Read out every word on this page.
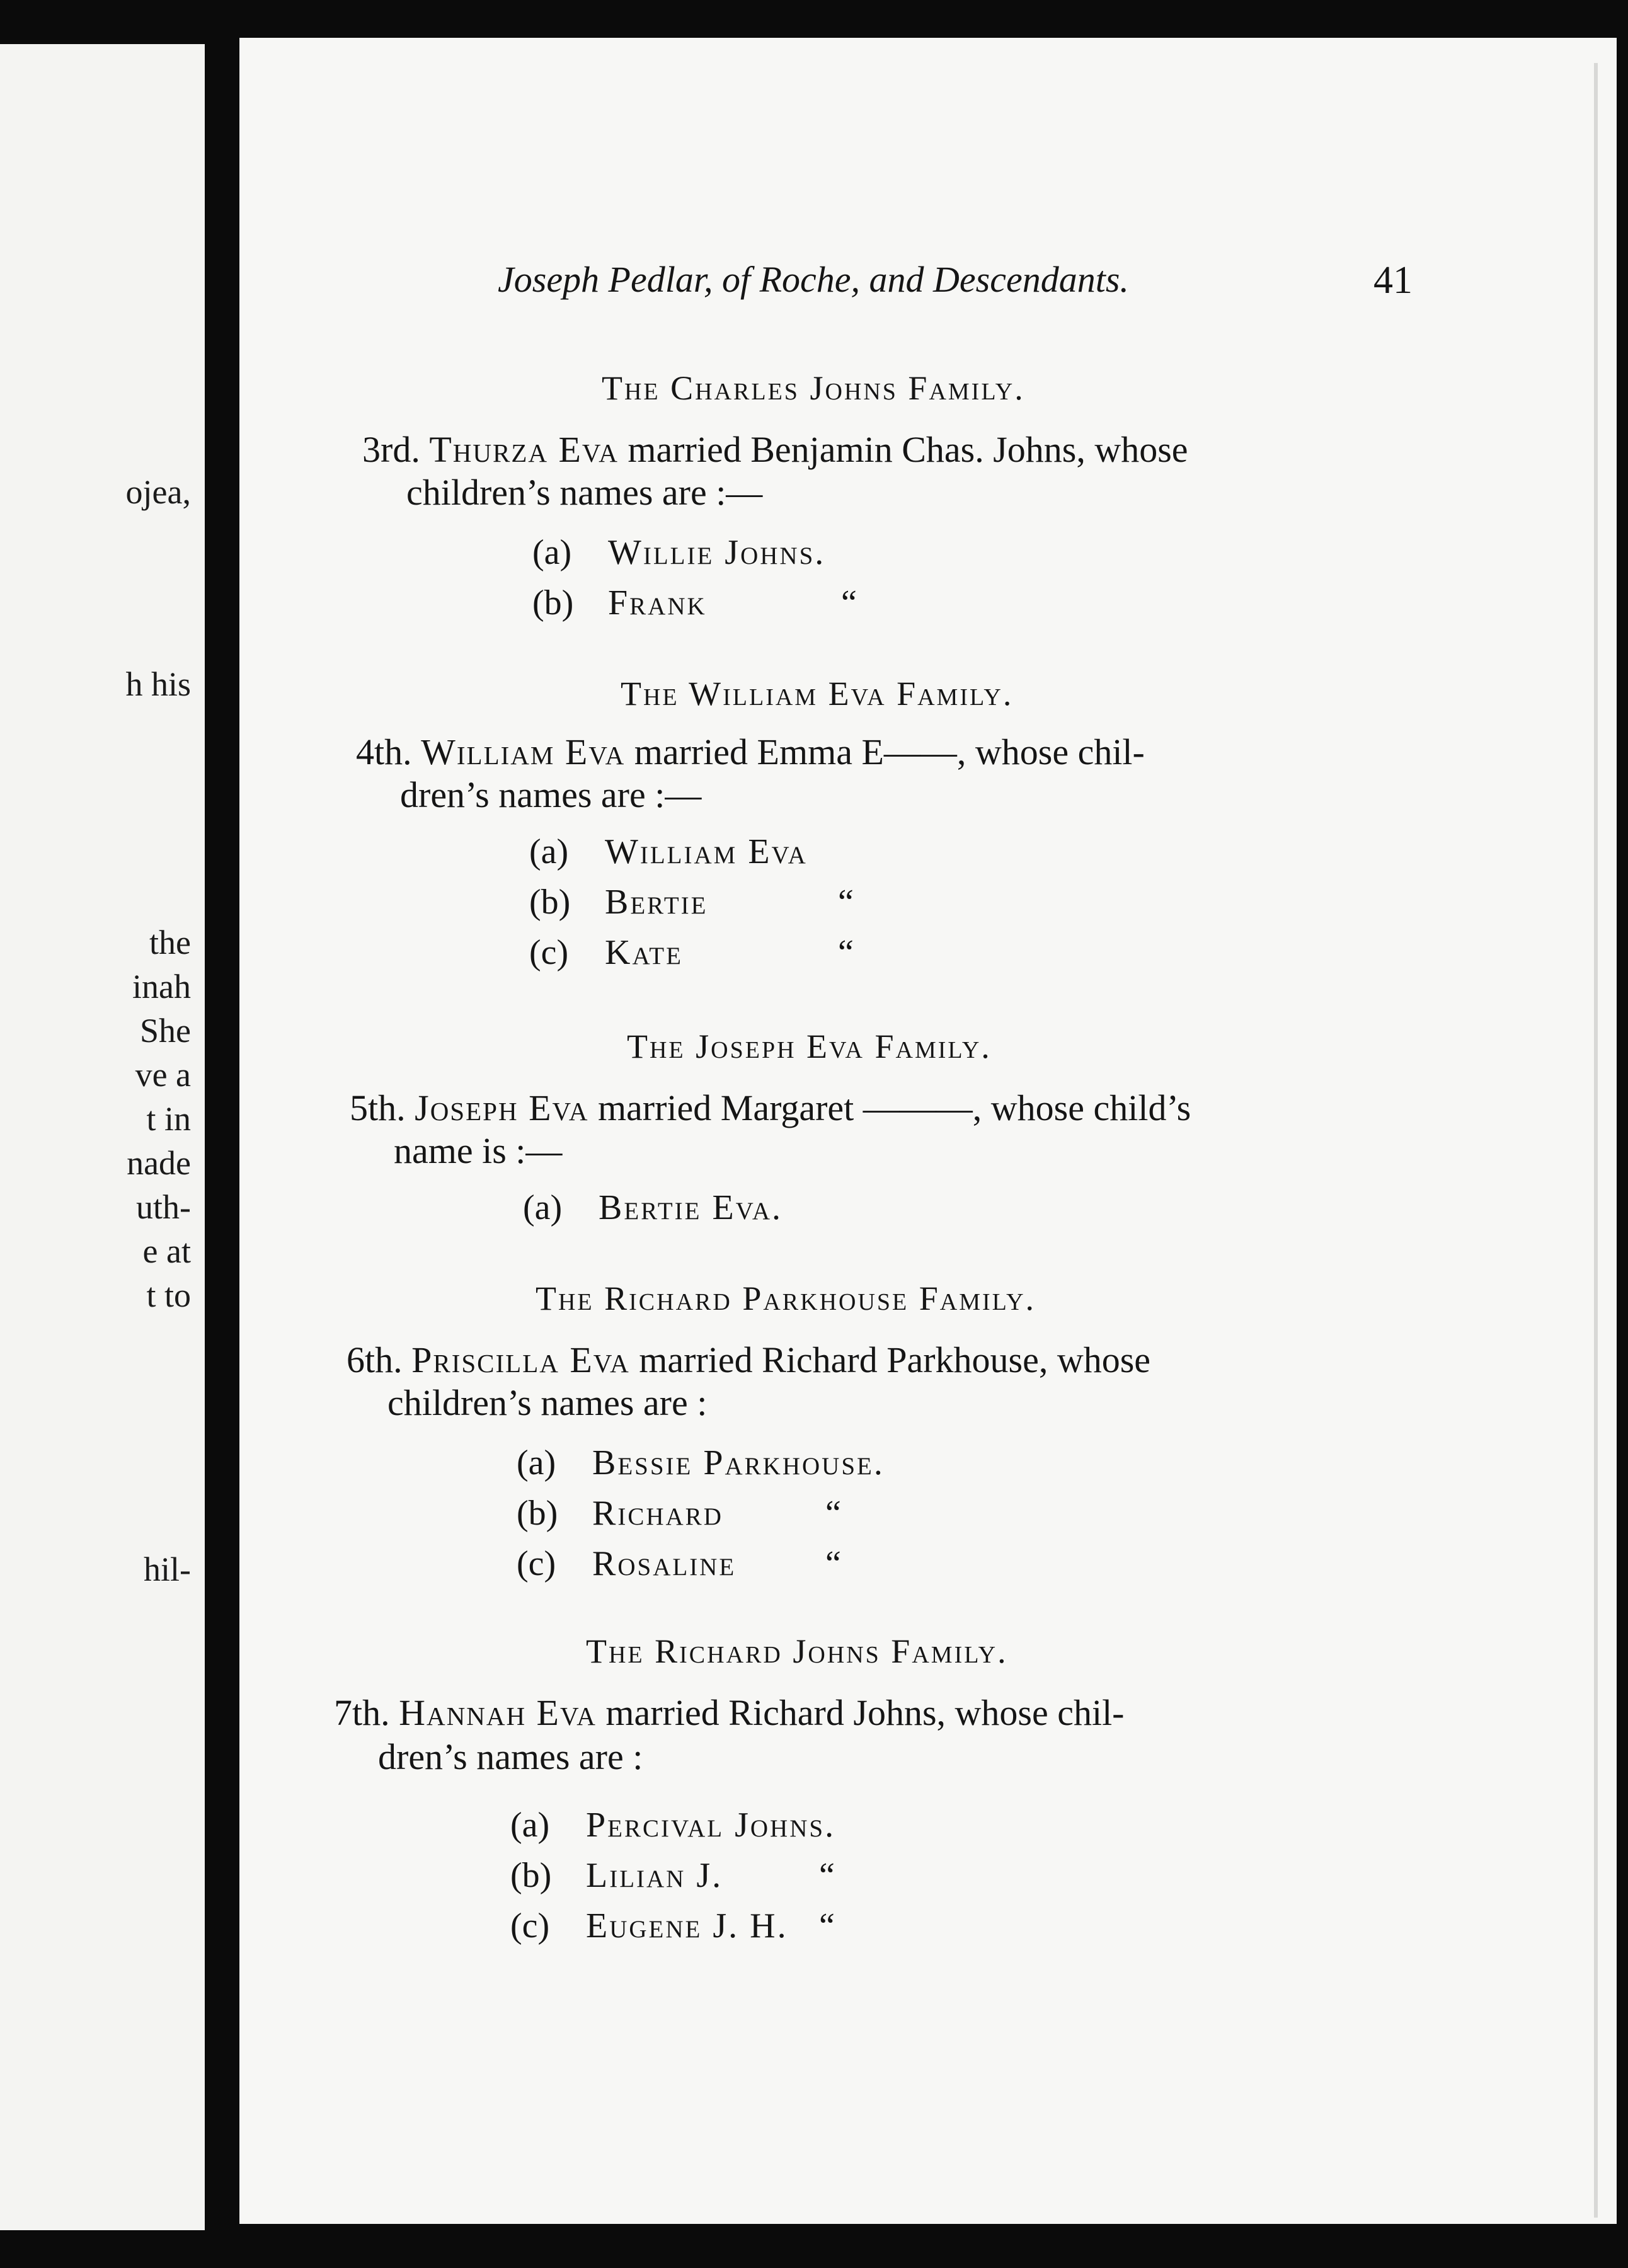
ojea,
h his
the
inah
She
ve a
t in
nade
uth-
e at
t to
hil-
Joseph Pedlar, of Roche, and Descendants.	41
The Charles Johns Family.
3rd. Thurza Eva married Benjamin Chas. Johns, whose
children’s names are :—
(a) Willie Johns.
(b) Frank	“
The William Eva Family.
4th. William Eva married Emma E——, whose chil-
dren’s names are :—
(a) William Eva
(b) Bertie	“
(c) Kate	“
The Joseph Eva Family.
5th. Joseph Eva married Margaret ———, whose child’s
name is :—
(a) Bertie Eva.
The Richard Parkhouse Family.
6th. Priscilla Eva married Richard Parkhouse, whose
children’s names are :
(a) Bessie Parkhouse.
(b) Richard	“
(c) Rosaline	“
The Richard Johns Family.
7th. Hannah Eva married Richard Johns, whose chil-
dren’s names are :
(a) Percival Johns.
(b) Lilian J.	“
(c) Eugene J. H. “
